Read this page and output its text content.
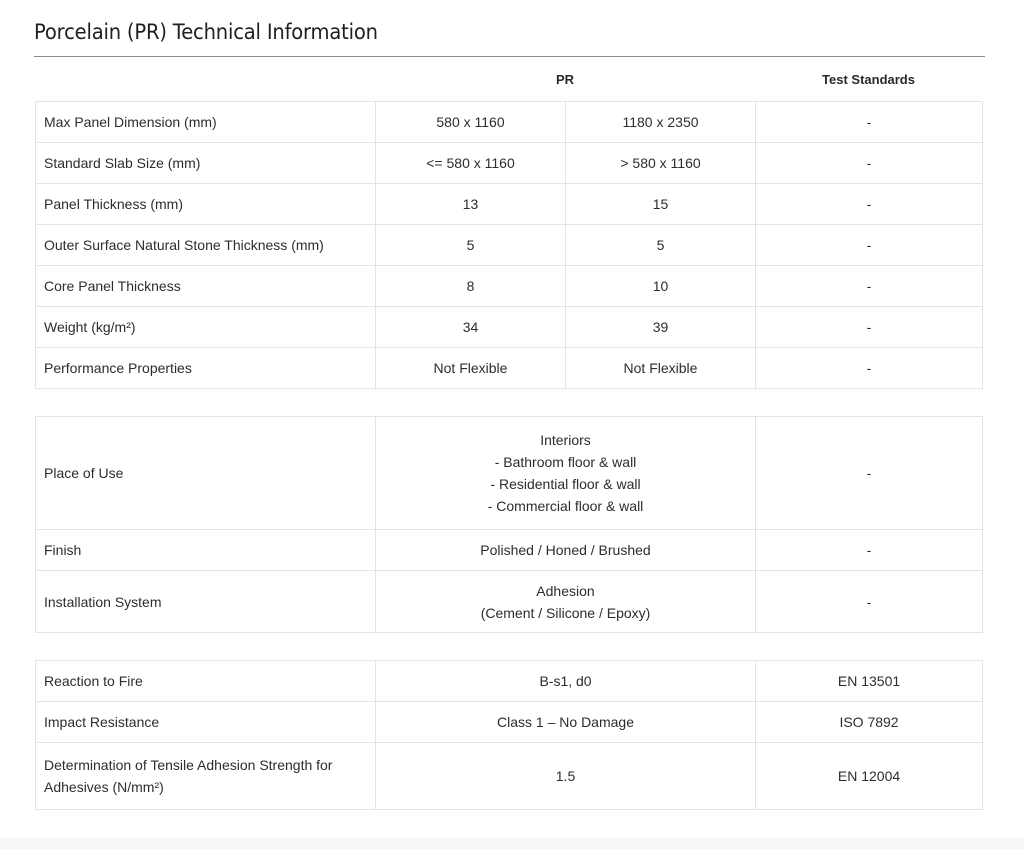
Porcelain (PR) Technical Information
PR	Test Standards
Max Panel Dimension (mm)	580 x 1160	1180 x 2350	-
Standard Slab Size (mm)	<= 580 x 1160	> 580 x 1160	-
Panel Thickness (mm)	13	15	-
Outer Surface Natural Stone Thickness (mm)	5	5	-
Core Panel Thickness	8	10	-
Weight (kg/m²)	34	39	-
Performance Properties	Not Flexible	Not Flexible	-
Place of Use	Interiors
- Bathroom floor & wall
- Residential floor & wall
- Commercial floor & wall	-
Finish	Polished / Honed / Brushed	-
Installation System	Adhesion
(Cement / Silicone / Epoxy)	-
Reaction to Fire	B-s1, d0	EN 13501
Impact Resistance	Class 1 – No Damage	ISO 7892

Determination of Tensile Adhesion Strength for
Adhesives (N/mm²)	1.5	EN 12004
